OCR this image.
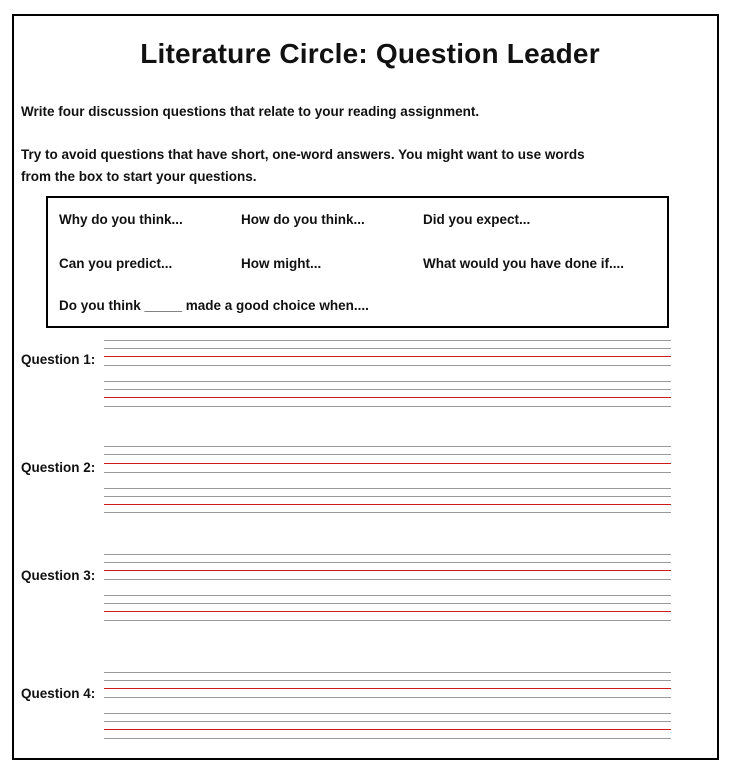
Literature Circle: Question Leader
Write four discussion questions that relate to your reading assignment.
Try to avoid questions that have short, one-word answers. You might want to use words
from the box to start your questions.
Why do you think...	How do you think...	Did you expect...
Can you predict...	How might...	What would you have done if....
Do you think _____ made a good choice when....
Question 1:
Question 2:
Question 3:
Question 4:
